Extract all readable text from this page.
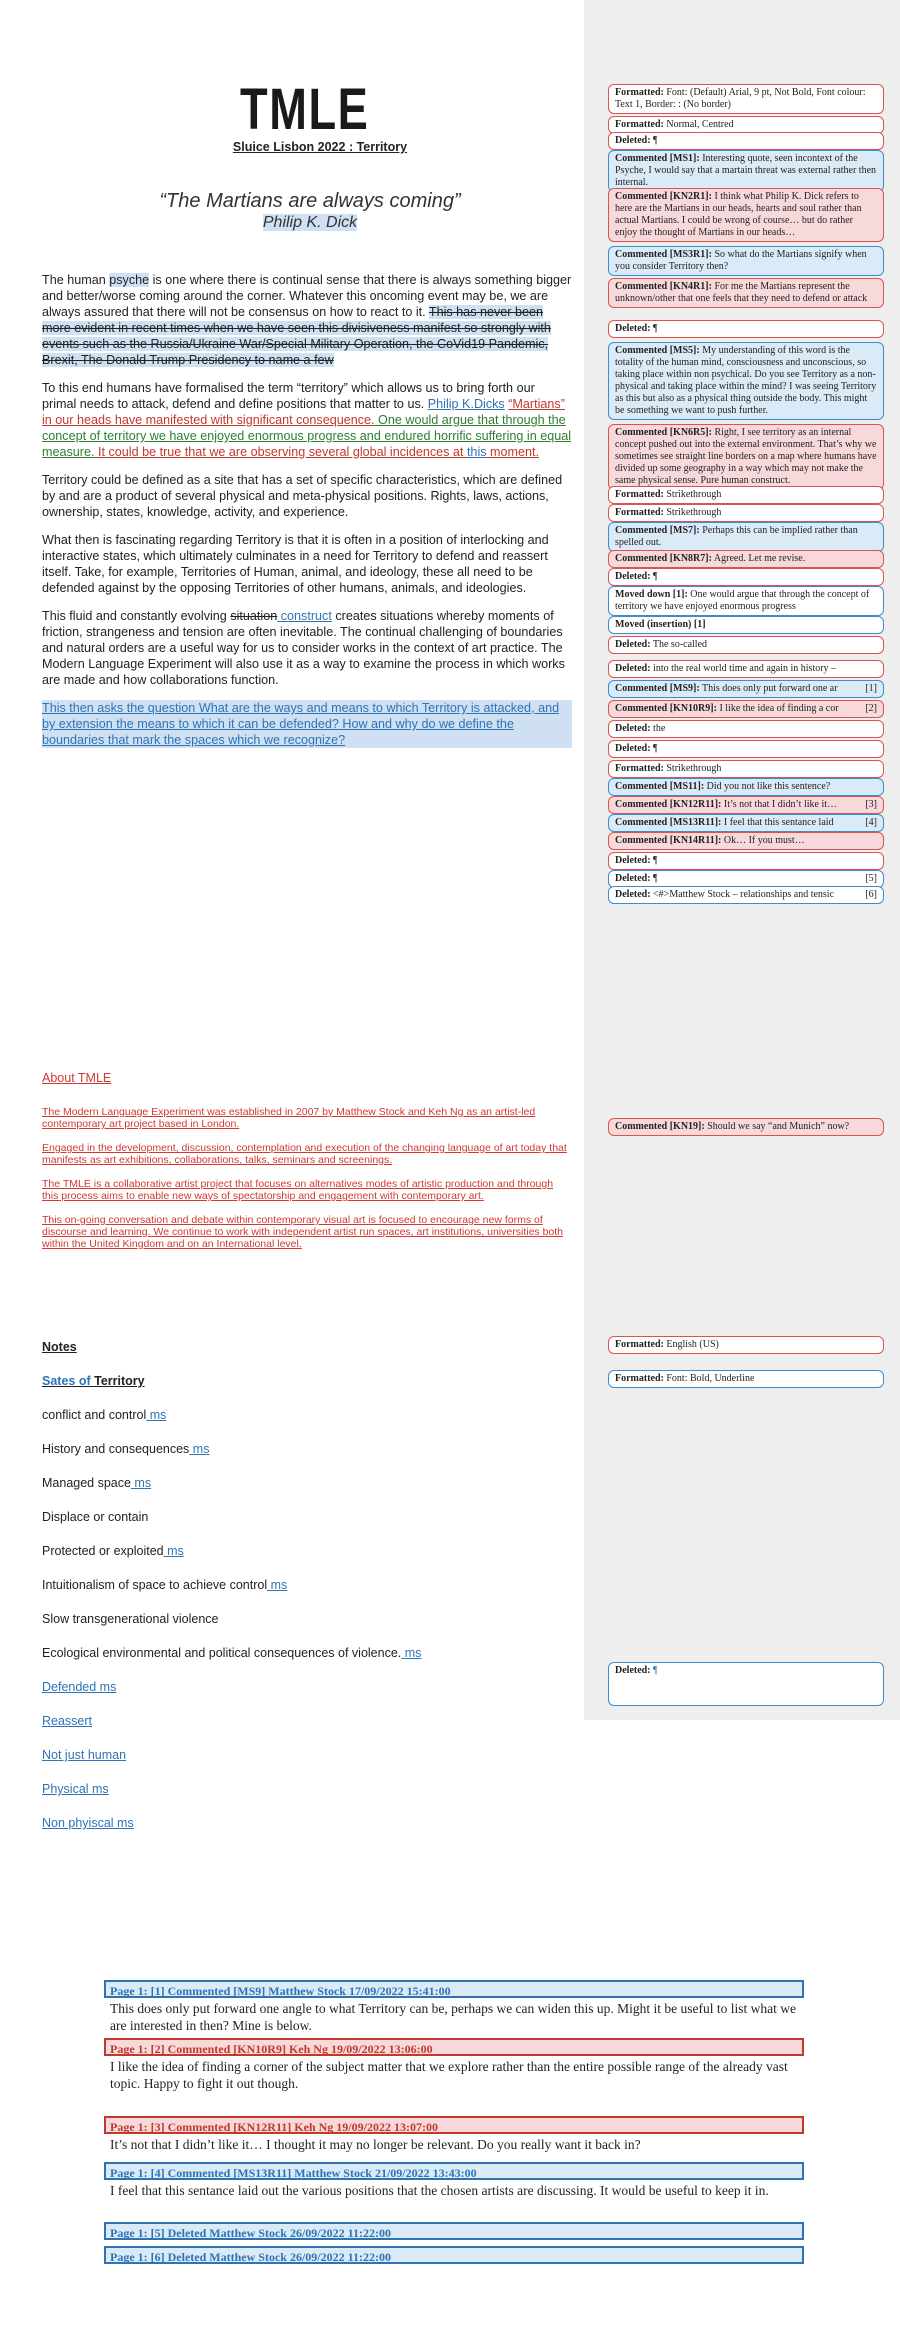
TMLE
Sluice Lisbon 2022 : Territory
“The Martians are always coming”
Philip K. Dick

The human psyche is one where there is continual sense that there is always something bigger and better/worse coming around the corner. Whatever this oncoming event may be, we are always assured that there will not be consensus on how to react to it. This has never been more evident in recent times when we have seen this divisiveness manifest so strongly with events such as the Russia/Ukraine War/Special Military Operation, the CoVid19 Pandemic, Brexit, The Donald Trump Presidency to name a few

To this end humans have formalised the term “territory” which allows us to bring forth our primal needs to attack, defend and define positions that matter to us. Philip K.Dicks “Martians” in our heads have manifested with significant consequence. One would argue that through the concept of territory we have enjoyed enormous progress and endured horrific suffering in equal measure. It could be true that we are observing several global incidences at this moment.

Territory could be defined as a site that has a set of specific characteristics, which are defined by and are a product of several physical and meta-physical positions. Rights, laws, actions, ownership, states, knowledge, activity, and experience.

What then is fascinating regarding Territory is that it is often in a position of interlocking and interactive states, which ultimately culminates in a need for Territory to defend and reassert itself. Take, for example, Territories of Human, animal, and ideology, these all need to be defended against by the opposing Territories of other humans, animals, and ideologies.

This fluid and constantly evolving situation construct creates situations whereby moments of friction, strangeness and tension are often inevitable. The continual challenging of boundaries and natural orders are a useful way for us to consider works in the context of art practice. The Modern Language Experiment will also use it as a way to examine the process in which works are made and how collaborations function.

This then asks the question What are the ways and means to which Territory is attacked, and by extension the means to which it can be defended? How and why do we define the boundaries that mark the spaces which we recognize?

Formatted: Font: (Default) Arial, 9 pt, Not Bold, Font colour: Text 1, Border: : (No border)
Formatted: Normal, Centred
Deleted: ¶
Commented [MS1]: Interesting quote, seen incontext of the Psyche, I would say that a martain threat was external rather then internal.
Commented [KN2R1]: I think what Philip K. Dick refers to here are the Martians in our heads, hearts and soul rather than actual Martians. I could be wrong of course… but do rather enjoy the thought of Martians in our heads…
Commented [MS3R1]: So what do the Martians signify when you consider Territory then?
Commented [KN4R1]: For me the Martians represent the unknown/other that one feels that they need to defend or attack
Deleted: ¶
Commented [MS5]: My understanding of this word is the totality of the human mind, consciousness and unconscious, so taking place within non psychical. Do you see Territory as a non-physical and taking place within the mind? I was seeing Territory as this but also as a physical thing outside the body. This might be something we want to push further.
Commented [KN6R5]: Right, I see territory as an internal concept pushed out into the external environment. That’s why we sometimes see straight line borders on a map where humans have divided up some geography in a way which may not make the same physical sense. Pure human construct.
Formatted: Strikethrough
Formatted: Strikethrough
Commented [MS7]: Perhaps this can be implied rather than spelled out.
Commented [KN8R7]: Agreed. Let me revise.
Deleted: ¶
Moved down [1]: One would argue that through the concept of territory we have enjoyed enormous progress
Moved (insertion) [1]
Deleted: The so-called
Deleted: into the real world time and again in history –
Commented [MS9]: This does only put forward one ar	[1]
Commented [KN10R9]: I like the idea of finding a cor	[2]
Deleted: the
Deleted: ¶
Formatted: Strikethrough
Commented [MS11]: Did you not like this sentence?
Commented [KN12R11]: It’s not that I didn’t like it…	[3]
Commented [MS13R11]: I feel that this sentance laid	[4]
Commented [KN14R11]: Ok… If you must…
Deleted: ¶
Deleted: ¶	[5]
Deleted: <#>Matthew Stock – relationships and tensic	[6]
About TMLE
The Modern Language Experiment was established in 2007 by Matthew Stock and Keh Ng as an artist-led contemporary art project based in London.
Engaged in the development, discussion, contemplation and execution of the changing language of art today that manifests as art exhibitions, collaborations, talks, seminars and screenings.
The TMLE is a collaborative artist project that focuses on alternatives modes of artistic production and through this process aims to enable new ways of spectatorship and engagement with contemporary art.
This on-going conversation and debate within contemporary visual art is focused to encourage new forms of discourse and learning. We continue to work with independent artist run spaces, art institutions, universities both within the United Kingdom and on an International level.
Commented [KN19]: Should we say “and Munich” now?
Notes
Sates of Territory
Formatted: English (US)
Formatted: Font: Bold, Underline
Deleted: ¶
conflict and control ms
History and consequences ms
Managed space ms
Displace or contain
Protected or exploited ms
Intuitionalism of space to achieve control ms
Slow transgenerational violence
Ecological environmental and political consequences of violence. ms
Defended ms
Reassert
Not just human
Physical ms
Non phyiscal ms
Page 1: [1] Commented [MS9] Matthew Stock 17/09/2022 15:41:00
This does only put forward one angle to what Territory can be, perhaps we can widen this up. Might it be useful to list what we are interested in then? Mine is below.
Page 1: [2] Commented [KN10R9] Keh Ng 19/09/2022 13:06:00
I like the idea of finding a corner of the subject matter that we explore rather than the entire possible range of the already vast topic. Happy to fight it out though.
Page 1: [3] Commented [KN12R11] Keh Ng 19/09/2022 13:07:00
It’s not that I didn’t like it… I thought it may no longer be relevant. Do you really want it back in?
Page 1: [4] Commented [MS13R11] Matthew Stock 21/09/2022 13:43:00
I feel that this sentance laid out the various positions that the chosen artists are discussing. It would be useful to keep it in.
Page 1: [5] Deleted Matthew Stock 26/09/2022 11:22:00
Page 1: [6] Deleted Matthew Stock 26/09/2022 11:22:00
